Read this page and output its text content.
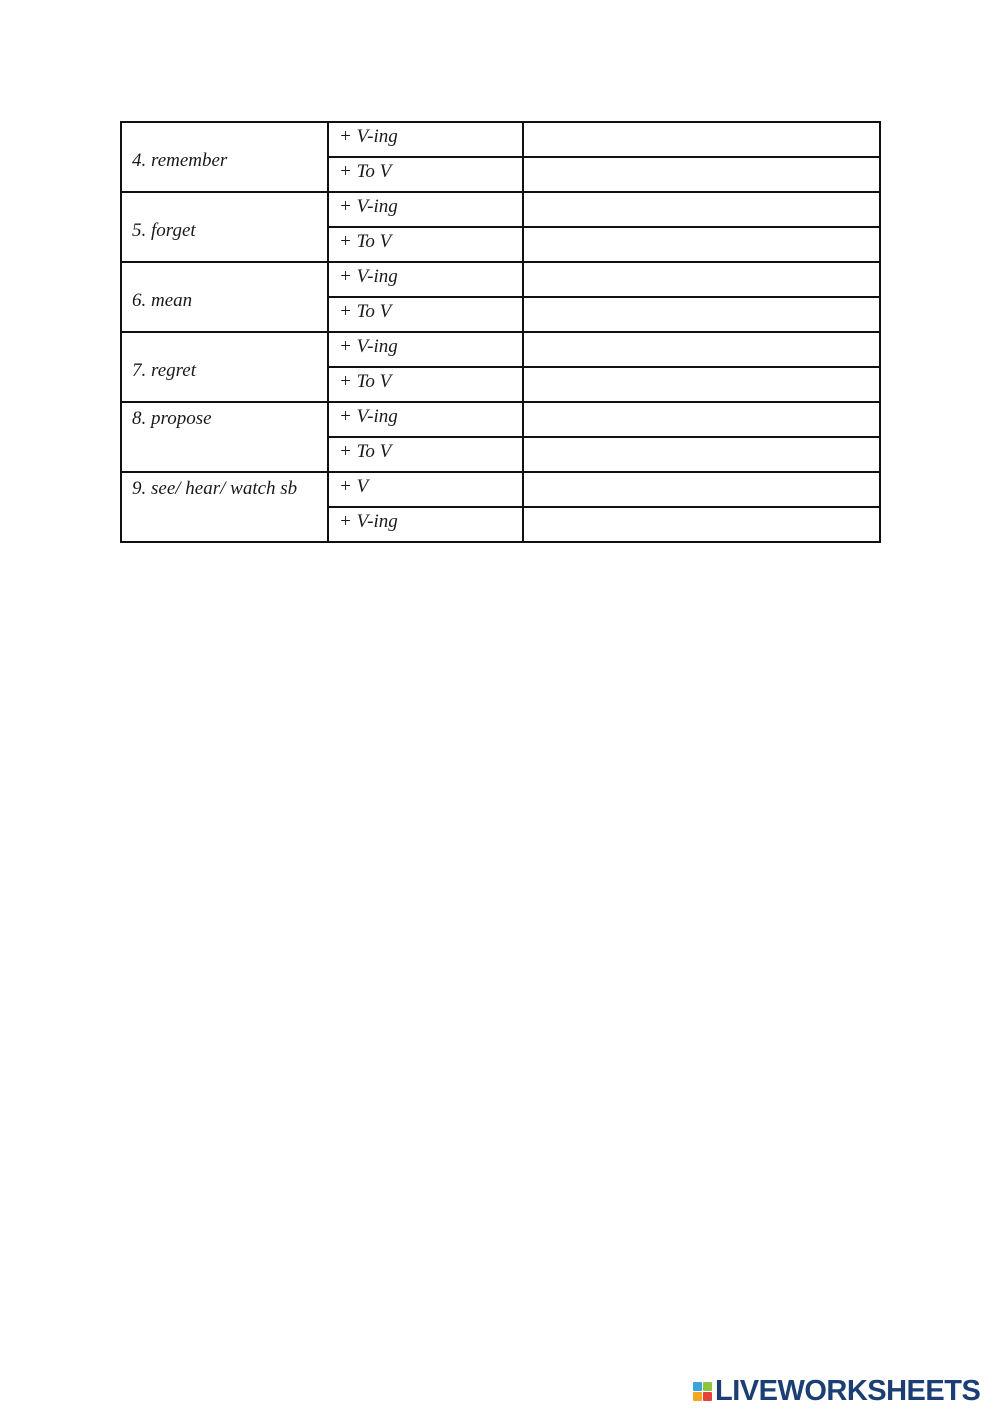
4. remember	+ V-ing	

	+ To V	

5. forget	+ V-ing	

	+ To V	

6. mean	+ V-ing	

	+ To V	

7. regret	+ V-ing	

	+ To V	

8. propose	+ V-ing	

	+ To V	

9. see/ hear/ watch sb	+ V	

	+ V-ing	
LIVEWORKSHEETS
